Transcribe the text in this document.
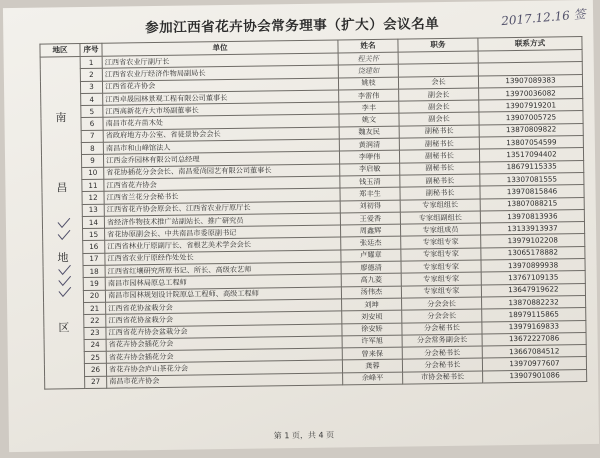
参加江西省花卉协会常务理事（扩大）会议名单	2017.12.16 签
地区	序号	单位	姓名	职务	联系方式

南
昌
地
区	1	江西省农业厅副厅长	程关怀		
	2	江西省农业厅经济作物局副局长	饶建如		
	3	江西省花卉协会	姚枝	会长	13907089383
	4	江西卓晟园林景观工程有限公司董事长	李雷伟	副会长	13970036082
	5	江西高新花卉大市场副董事长	李丰	副会长	13907919201
	6	南昌市花卉苗木处	姚文	副会长	13907005725
	7	省政府地方办公室、省徒景协会会长	魏友民	副秘书长	13870809822
	8	南昌市和山峰馆法人	黄润清	副秘书长	13807054599
	9	江西金乔园林有限公司总经理	李咿伟	副秘书长	13517094402
	10	省花协插花分会会长、南昌爱尚园艺有限公司董事长	李启敏	副秘书长	18679115335
	11	江西省花卉协会	钱玉清	副秘书长	13307081555
	12	江西省兰花分会秘书长	郑丰生	副秘书长	13970815846
	13	江西省花卉协会原会长、江西省农业厅原厅长	刘初得	专家组组长	13807088215
	14	省经济作物技术推广站副站长、推广研究员	王爱香	专家组副组长	13970813936
	15	省花协原副会长、中共南昌市委原副书记	周鑫辉	专家组成员	13133913937
	16	江西省林业厅原副厅长、省根艺美术学会会长	张廷杰	专家组专家	13979102208
	17	江西省农业厅原经作处处长	卢耀章	专家组专家	13065178882
	18	江西省红壤研究所原书记、所长、高级农艺师	廖德清	专家组专家	13970899938
	19	南昌市园林局原总工程师	高九菱	专家组专家	13767109135
	20	南昌市园林规划设计院原总工程师、高级工程师	汤伟杰	专家组专家	13647919622
	21	江西省花协盆栽分会	刘坤	分会会长	13870882232
	22	江西省花协盆栽分会	刘安顷	分会会长	18979115865
	23	江西省花卉协会盆栽分会	徐安娇	分会秘书长	13979169833
	24	省花卉协会插花分会	许军旭	分会常务副会长	13672227086
	25	省花卉协会插花分会	曾来保	分会秘书长	13667084512
	26	省花卉协会庐山茶花分会	龚蓉	分会秘书长	13970977607
	27	南昌市花卉协会	余峰平	市协会秘书长	13907901086
第 1 页，共 4 页
